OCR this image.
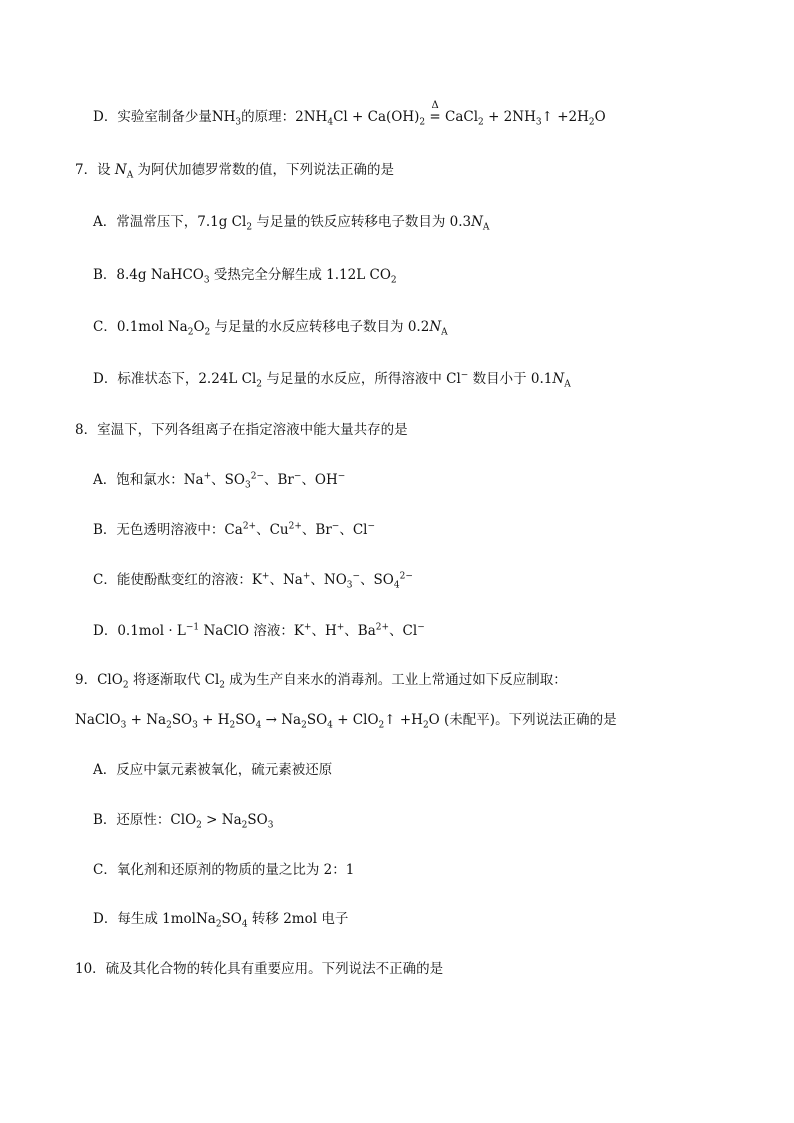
D．实验室制备少量$NH_3$的原理：$2NH_4Cl + Ca(OH)_2$
Δ
= CaCl$_2$ + $2NH_3↑ +2H_2O$
7．设 $N_A$ 为阿伏加德罗常数的值，下列说法正确的是
A．常温常压下，7.1g $Cl_2$ 与足量的铁反应转移电子数目为 $0.3N_A$
B．8.4g NaHCO$_3$ 受热完全分解生成 1.12L $CO_2$
C．0.1mol $Na_2O_2$ 与足量的水反应转移电子数目为 $0.2N_A$
D．标准状态下，2.24L $Cl_2$ 与足量的水反应，所得溶液中 Cl− 数目小于 $0.1N_A$
8．室温下，下列各组离子在指定溶液中能大量共存的是
A．饱和氯水：Na+、$SO_3^{2-}$、Br−、OH−
B．无色透明溶液中：$Ca^{2+}$、$Cu^{2+}$、Br−、Cl−
C．能使酚酞变红的溶液：K+、Na+、$NO_3^-$、$SO_4^{2-}$
D．$0.1mol \cdot L^{-1}$ NaClO 溶液：K+、H+、$Ba^{2+}$、Cl−
9．ClO$_2$ 将逐渐取代 $Cl_2$ 成为生产自来水的消毒剂。工业上常通过如下反应制取：
NaClO$_3$ + $Na_2SO_3 + H_2SO_4 \to Na_2SO_4$ + ClO$_2$↑ $+H_2O$ (未配平)。下列说法正确的是
A．反应中氯元素被氧化，硫元素被还原
B．还原性：$ClO_2 > Na_2SO_3$
C．氧化剂和还原剂的物质的量之比为 2：1
D．每生成 $1molNa_2SO_4$ 转移 2mol 电子
10．硫及其化合物的转化具有重要应用。下列说法不正确的是
